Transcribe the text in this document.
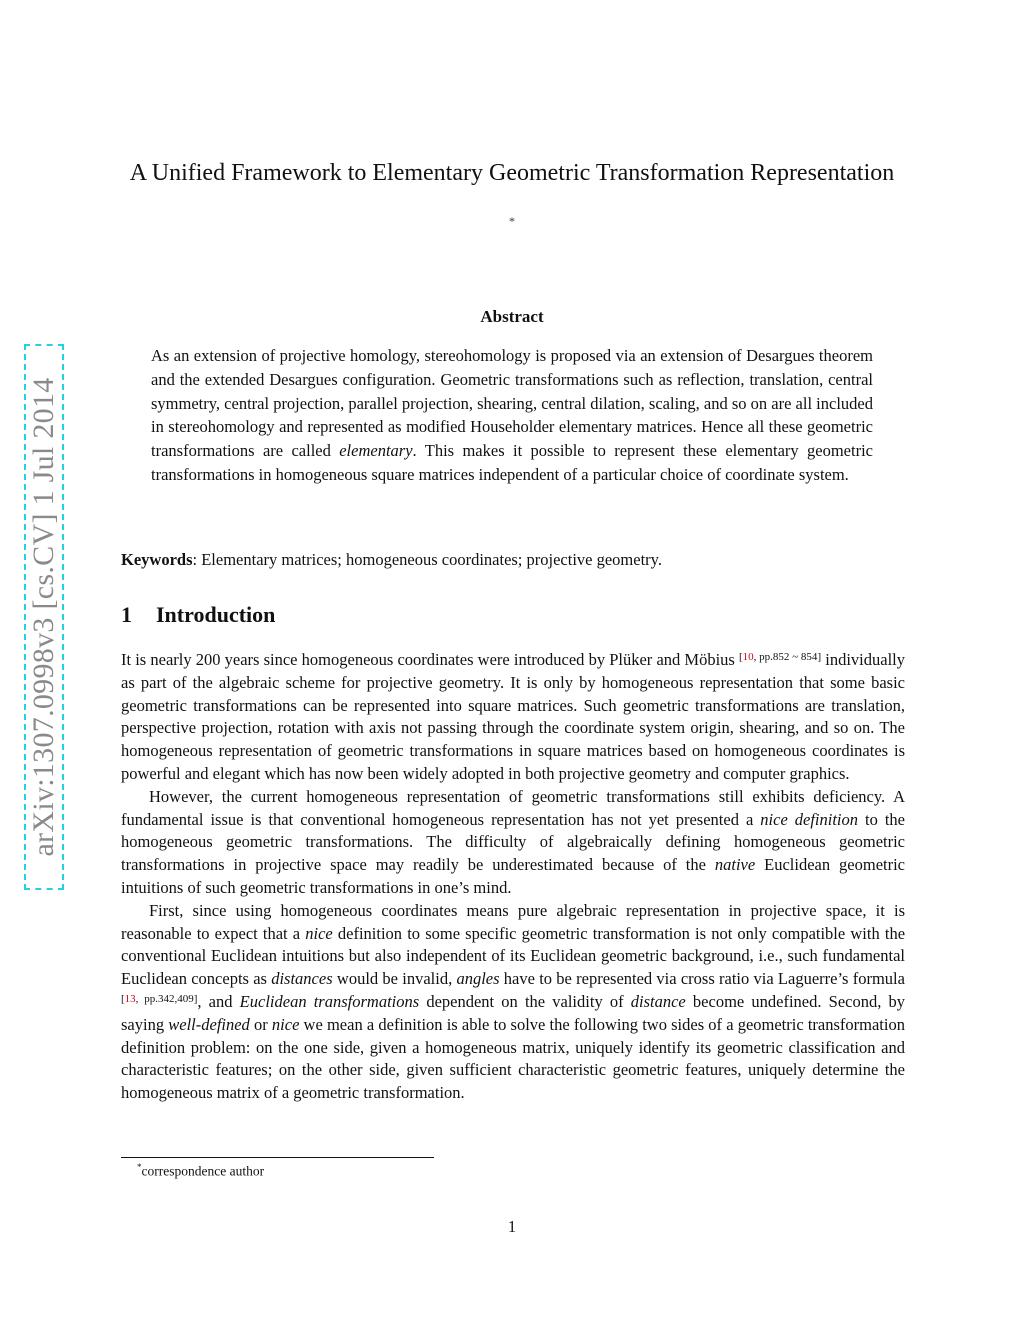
arXiv:1307.0998v3 [cs.CV] 1 Jul 2014
A Unified Framework to Elementary Geometric Transformation Representation
*
Abstract

As an extension of projective homology, stereohomology is proposed via an extension of Desargues theorem and the extended Desargues configuration. Geometric transformations such as reflection, translation, central symmetry, central projection, parallel projection, shearing, central dilation, scaling, and so on are all included in stereohomology and represented as modified Householder elementary matrices. Hence all these geometric transformations are called elementary. This makes it possible to represent these elementary geometric transformations in homogeneous square matrices independent of a particular choice of coordinate system.

Keywords: Elementary matrices; homogeneous coordinates; projective geometry.

1 Introduction

It is nearly 200 years since homogeneous coordinates were introduced by Plüker and Möbius [10, pp.852 ~ 854] individually as part of the algebraic scheme for projective geometry. It is only by homogeneous representation that some basic geometric transformations can be represented into square matrices. Such geometric transformations are translation, perspective projection, rotation with axis not passing through the coordinate system origin, shearing, and so on. The homogeneous representation of geometric transformations in square matrices based on homogeneous coordinates is powerful and elegant which has now been widely adopted in both projective geometry and computer graphics.

However, the current homogeneous representation of geometric transformations still exhibits deficiency. A fundamental issue is that conventional homogeneous representation has not yet presented a nice definition to the homogeneous geometric transformations. The difficulty of algebraically defining homogeneous geometric transformations in projective space may readily be underestimated because of the native Euclidean geometric intuitions of such geometric transformations in one’s mind.

First, since using homogeneous coordinates means pure algebraic representation in projective space, it is reasonable to expect that a nice definition to some specific geometric transformation is not only compatible with the conventional Euclidean intuitions but also independent of its Euclidean geometric background, i.e., such fundamental Euclidean concepts as distances would be invalid, angles have to be represented via cross ratio via Laguerre’s formula [13, pp.342,409], and Euclidean transformations dependent on the validity of distance become undefined. Second, by saying well-defined or nice we mean a definition is able to solve the following two sides of a geometric transformation definition problem: on the one side, given a homogeneous matrix, uniquely identify its geometric classification and characteristic features; on the other side, given sufficient characteristic geometric features, uniquely determine the homogeneous matrix of a geometric transformation.

*correspondence author
1
